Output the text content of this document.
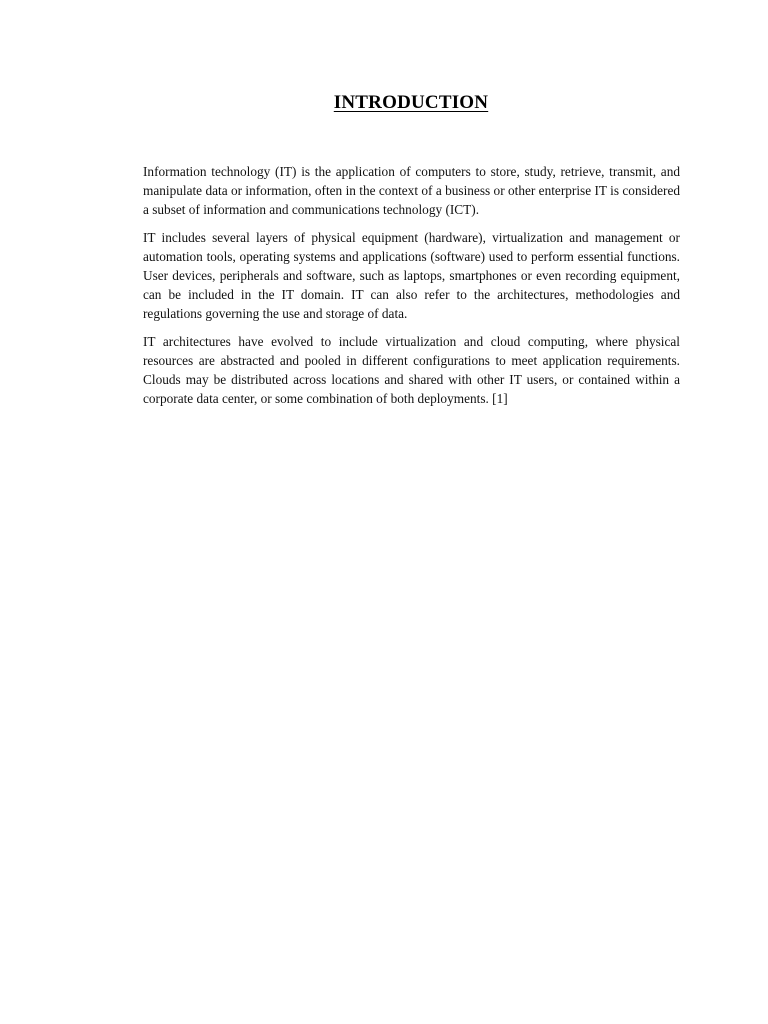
INTRODUCTION

Information technology (IT) is the application of computers to store, study, retrieve, transmit, and manipulate data or information, often in the context of a business or other enterprise IT is considered a subset of information and communications technology (ICT).

IT includes several layers of physical equipment (hardware), virtualization and management or automation tools, operating systems and applications (software) used to perform essential functions. User devices, peripherals and software, such as laptops, smartphones or even recording equipment, can be included in the IT domain. IT can also refer to the architectures, methodologies and regulations governing the use and storage of data.

IT architectures have evolved to include virtualization and cloud computing, where physical resources are abstracted and pooled in different configurations to meet application requirements. Clouds may be distributed across locations and shared with other IT users, or contained within a corporate data center, or some combination of both deployments. [1]
